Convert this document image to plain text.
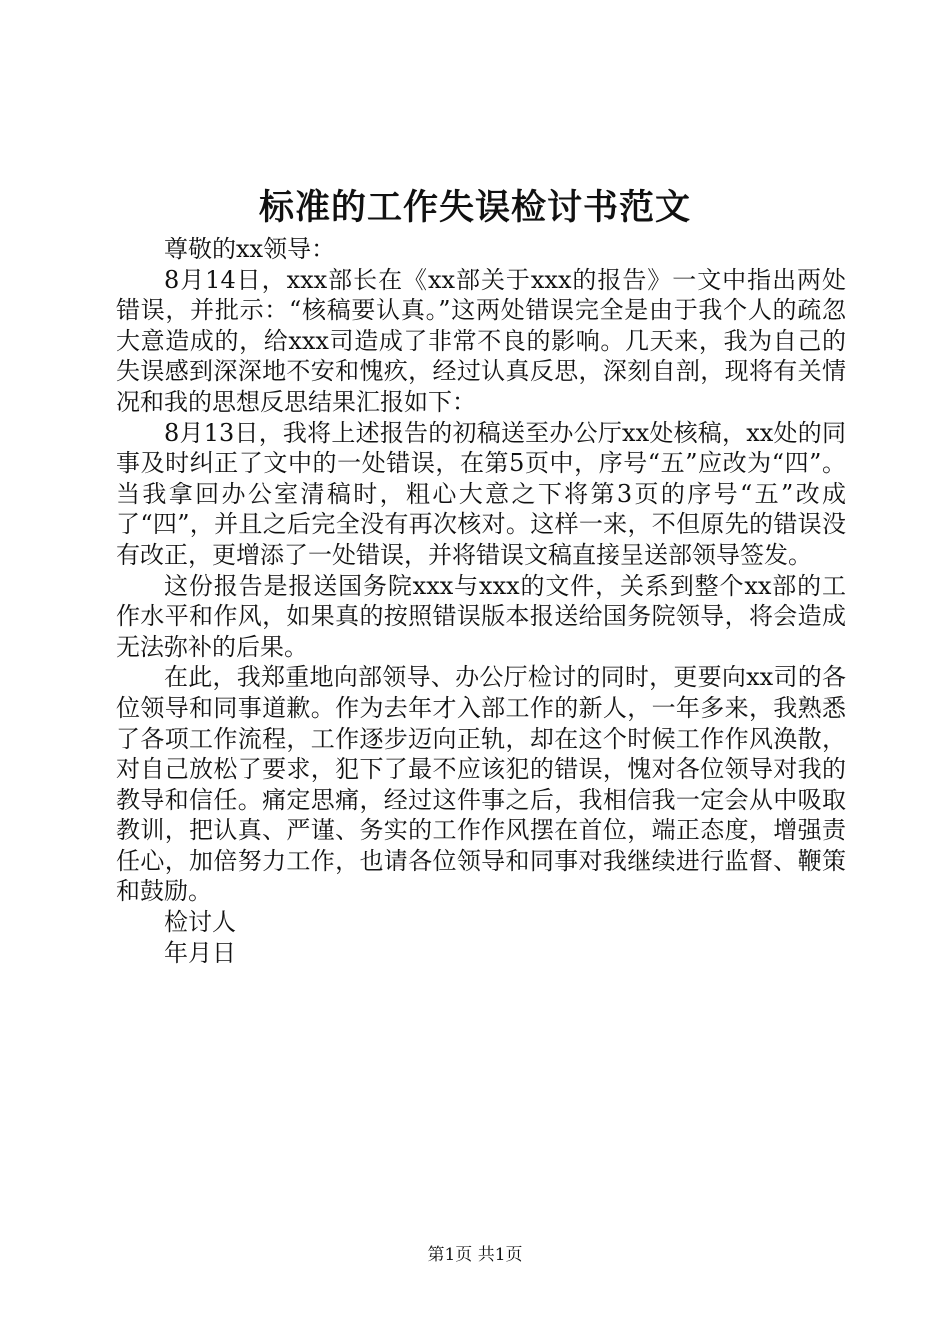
标准的工作失误检讨书范文

尊敬的xx领导：

8月14日，xxx部长在《xx部关于xxx的报告》一文中指出两处错误，并批示：“核稿要认真。”这两处错误完全是由于我个人的疏忽大意造成的，给xxx司造成了非常不良的影响。几天来，我为自己的失误感到深深地不安和愧疚，经过认真反思，深刻自剖，现将有关情况和我的思想反思结果汇报如下：

8月13日，我将上述报告的初稿送至办公厅xx处核稿，xx处的同事及时纠正了文中的一处错误，在第5页中，序号“五”应改为“四”。当我拿回办公室清稿时，粗心大意之下将第3页的序号“五”改成了“四”，并且之后完全没有再次核对。这样一来，不但原先的错误没有改正，更增添了一处错误，并将错误文稿直接呈送部领导签发。

这份报告是报送国务院xxx与xxx的文件，关系到整个xx部的工作水平和作风，如果真的按照错误版本报送给国务院领导，将会造成无法弥补的后果。

在此，我郑重地向部领导、办公厅检讨的同时，更要向xx司的各位领导和同事道歉。作为去年才入部工作的新人，一年多来，我熟悉了各项工作流程，工作逐步迈向正轨，却在这个时候工作作风涣散，对自己放松了要求，犯下了最不应该犯的错误，愧对各位领导对我的教导和信任。痛定思痛，经过这件事之后，我相信我一定会从中吸取教训，把认真、严谨、务实的工作作风摆在首位，端正态度，增强责任心，加倍努力工作，也请各位领导和同事对我继续进行监督、鞭策和鼓励。

检讨人

年月日

第1页 共1页
